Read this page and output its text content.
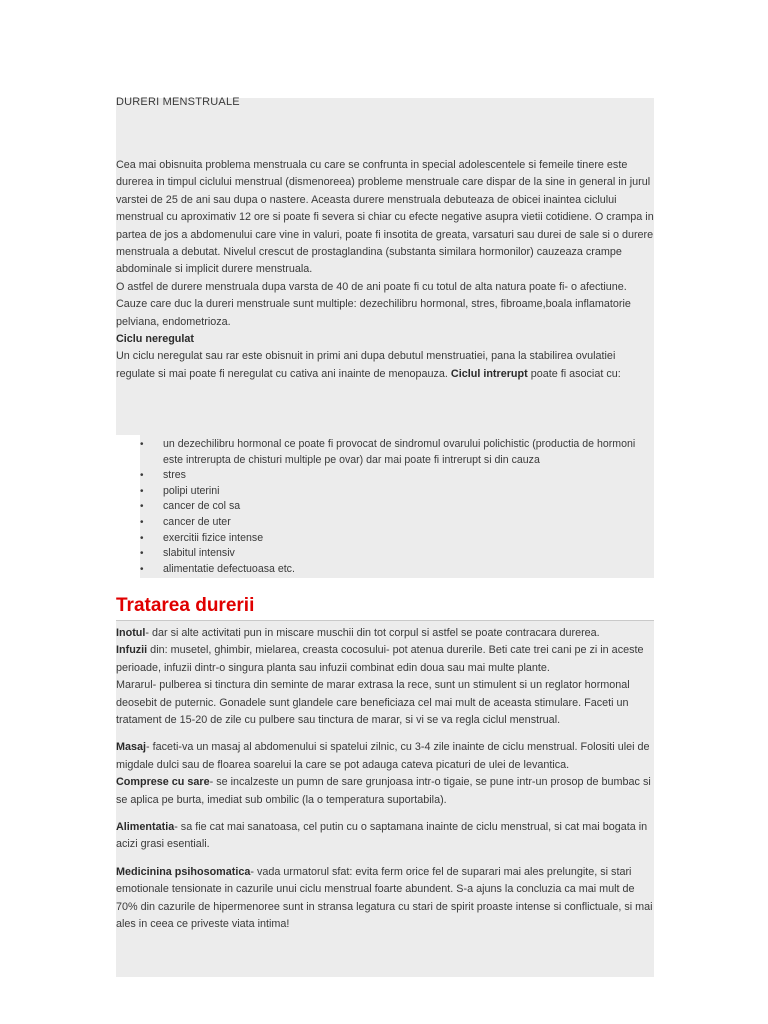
DURERI MENSTRUALE

Cea mai obisnuita problema menstruala cu care se confrunta in special adolescentele si femeile tinere este durerea in timpul ciclului menstrual (dismenoreea) probleme menstruale care dispar de la sine in general in jurul varstei de 25 de ani sau dupa o nastere. Aceasta durere menstruala debuteaza de obicei inaintea ciclului menstrual cu aproximativ 12 ore si poate fi severa si chiar cu efecte negative asupra vietii cotidiene. O crampa in partea de jos a abdomenului care vine in valuri, poate fi insotita de greata, varsaturi sau durei de sale si o durere menstruala a debutat. Nivelul crescut de prostaglandina (substanta similara hormonilor) cauzeaza crampe abdominale si implicit durere menstruala.

O astfel de durere menstruala dupa varsta de 40 de ani poate fi cu totul de alta natura poate fi- o afectiune.

Cauze care duc la dureri menstruale sunt multiple: dezechilibru hormonal, stres, fibroame,boala inflamatorie pelviana, endometrioza.

Ciclu neregulat

Un ciclu neregulat sau rar este obisnuit in primi ani dupa debutul menstruatiei, pana la stabilirea ovulatiei regulate si mai poate fi neregulat cu cativa ani inainte de menopauza. Ciclul intrerupt poate fi asociat cu:

• un dezechilibru hormonal ce poate fi provocat de sindromul ovarului polichistic (productia de hormoni este intrerupta de chisturi multiple pe ovar) dar mai poate fi intrerupt si din cauza
• stres
• polipi uterini
• cancer de col sa
• cancer de uter
• exercitii fizice intense
• slabitul intensiv
• alimentatie defectuoasa etc.
Tratarea durerii

Inotul- dar si alte activitati pun in miscare muschii din tot corpul si astfel se poate contracara durerea.

Infuzii din: musetel, ghimbir, mielarea, creasta cocosului- pot atenua durerile. Beti cate trei cani pe zi in aceste perioade, infuzii dintr-o singura planta sau infuzii combinat edin doua sau mai multe plante.

Mararul- pulberea si tinctura din seminte de marar extrasa la rece, sunt un stimulent si un reglator hormonal deosebit de puternic. Gonadele sunt glandele care beneficiaza cel mai mult de aceasta stimulare. Faceti un tratament de 15-20 de zile cu pulbere sau tinctura de marar, si vi se va regla ciclul menstrual.

Masaj- faceti-va un masaj al abdomenului si spatelui zilnic, cu 3-4 zile inainte de ciclu menstrual. Folositi ulei de migdale dulci sau de floarea soarelui la care se pot adauga cateva picaturi de ulei de levantica.

Comprese cu sare- se incalzeste un pumn de sare grunjoasa intr-o tigaie, se pune intr-un prosop de bumbac si se aplica pe burta, imediat sub ombilic (la o temperatura suportabila).

Alimentatia- sa fie cat mai sanatoasa, cel putin cu o saptamana inainte de ciclu menstrual, si cat mai bogata in acizi grasi esentiali.

Medicinina psihosomatica- vada urmatorul sfat: evita ferm orice fel de suparari mai ales prelungite, si stari emotionale tensionate in cazurile unui ciclu menstrual foarte abundent. S-a ajuns la concluzia ca mai mult de 70% din cazurile de hipermenoree sunt in stransa legatura cu stari de spirit proaste intense si conflictuale, si mai ales in ceea ce priveste viata intima!
